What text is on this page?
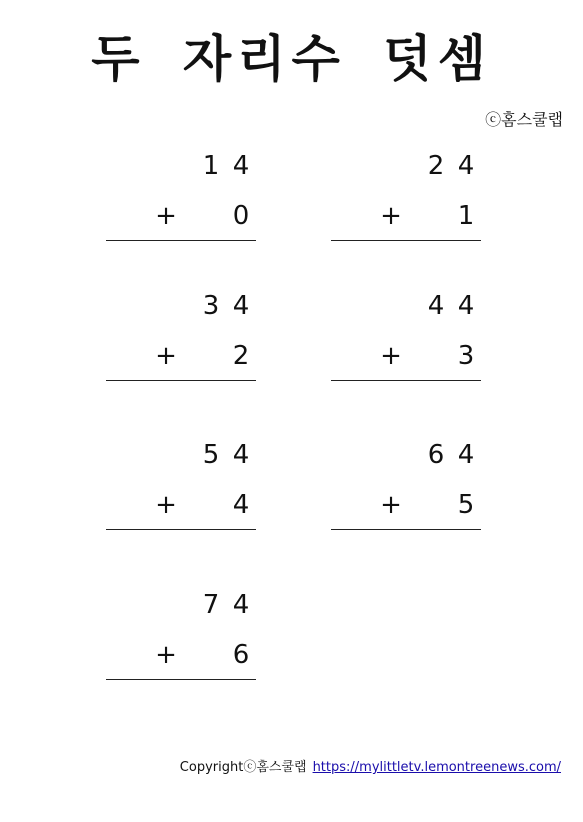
두 자리수 덧셈
ⓒ홈스쿨랩
1 4
+ 0
2 4
+ 1
3 4
+ 2
4 4
+ 3
5 4
+ 4
6 4
+ 5
7 4
+ 6
Copyrightⓒ홈스쿨랩 https://mylittletv.lemontreenews.com/
